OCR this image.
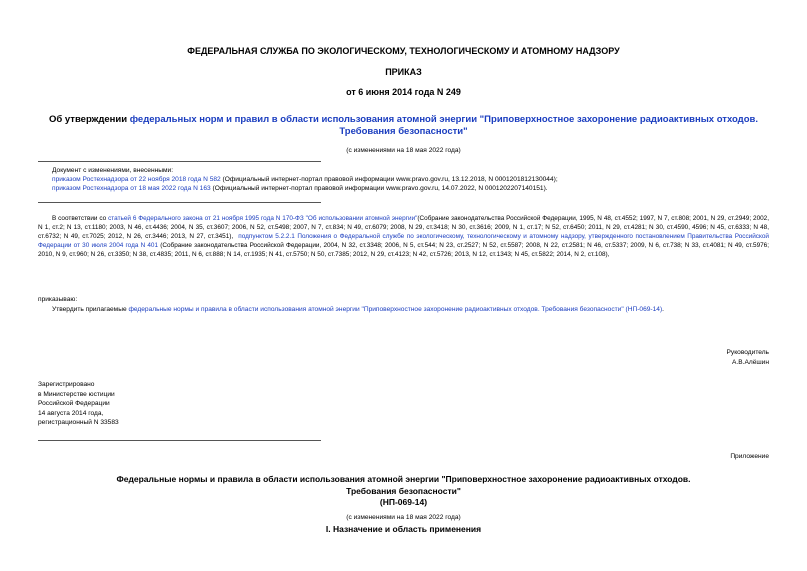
ФЕДЕРАЛЬНАЯ СЛУЖБА ПО ЭКОЛОГИЧЕСКОМУ, ТЕХНОЛОГИЧЕСКОМУ И АТОМНОМУ НАДЗОРУ
ПРИКАЗ
от 6 июня 2014 года N 249
Об утверждении федеральных норм и правил в области использования атомной энергии "Приповерхностное захоронение радиоактивных отходов. Требования безопасности"
(с изменениями на 18 мая 2022 года)
Документ с изменениями, внесенными:
приказом Ростехнадзора от 22 ноября 2018 года N 582 (Официальный интернет-портал правовой информации www.pravo.gov.ru, 13.12.2018, N 0001201812130044);
приказом Ростехнадзора от 18 мая 2022 года N 163 (Официальный интернет-портал правовой информации www.pravo.gov.ru, 14.07.2022, N 0001202207140151).
В соответствии со статьей 6 Федерального закона от 21 ноября 1995 года N 170-ФЗ "Об использовании атомной энергии"(Собрание законодательства Российской Федерации, 1995, N 48, ст.4552; 1997, N 7, ст.808; 2001, N 29, ст.2949; 2002, N 1, ст.2; N 13, ст.1180; 2003, N 46, ст.4436; 2004, N 35, ст.3607; 2006, N 52, ст.5498; 2007, N 7, ст.834; N 49, ст.6079; 2008, N 29, ст.3418; N 30, ст.3616; 2009, N 1, ст.17; N 52, ст.6450; 2011, N 29, ст.4281; N 30, ст.4590, 4596; N 45, ст.6333; N 48, ст.6732; N 49, ст.7025; 2012, N 26, ст.3446; 2013, N 27, ст.3451), подпунктом 5.2.2.1 Положения о Федеральной службе по экологическому, технологическому и атомному надзору, утвержденного постановлением Правительства Российской Федерации от 30 июля 2004 года N 401 (Собрание законодательства Российской Федерации, 2004, N 32, ст.3348; 2006, N 5, ст.544; N 23, ст.2527; N 52, ст.5587; 2008, N 22, ст.2581; N 46, ст.5337; 2009, N 6, ст.738; N 33, ст.4081; N 49, ст.5976; 2010, N 9, ст.960; N 26, ст.3350; N 38, ст.4835; 2011, N 6, ст.888; N 14, ст.1935; N 41, ст.5750; N 50, ст.7385; 2012, N 29, ст.4123; N 42, ст.5726; 2013, N 12, ст.1343; N 45, ст.5822; 2014, N 2, ст.108),
приказываю:
Утвердить прилагаемые федеральные нормы и правила в области использования атомной энергии "Приповерхностное захоронение радиоактивных отходов. Требования безопасности" (НП-069-14).
Руководитель
А.В.Алёшин
Зарегистрировано
в Министерстве юстиции
Российской Федерации
14 августа 2014 года,
регистрационный N 33583
Приложение
Федеральные нормы и правила в области использования атомной энергии "Приповерхностное захоронение радиоактивных отходов.
Требования безопасности"
(НП-069-14)
(с изменениями на 18 мая 2022 года)
I. Назначение и область применения
